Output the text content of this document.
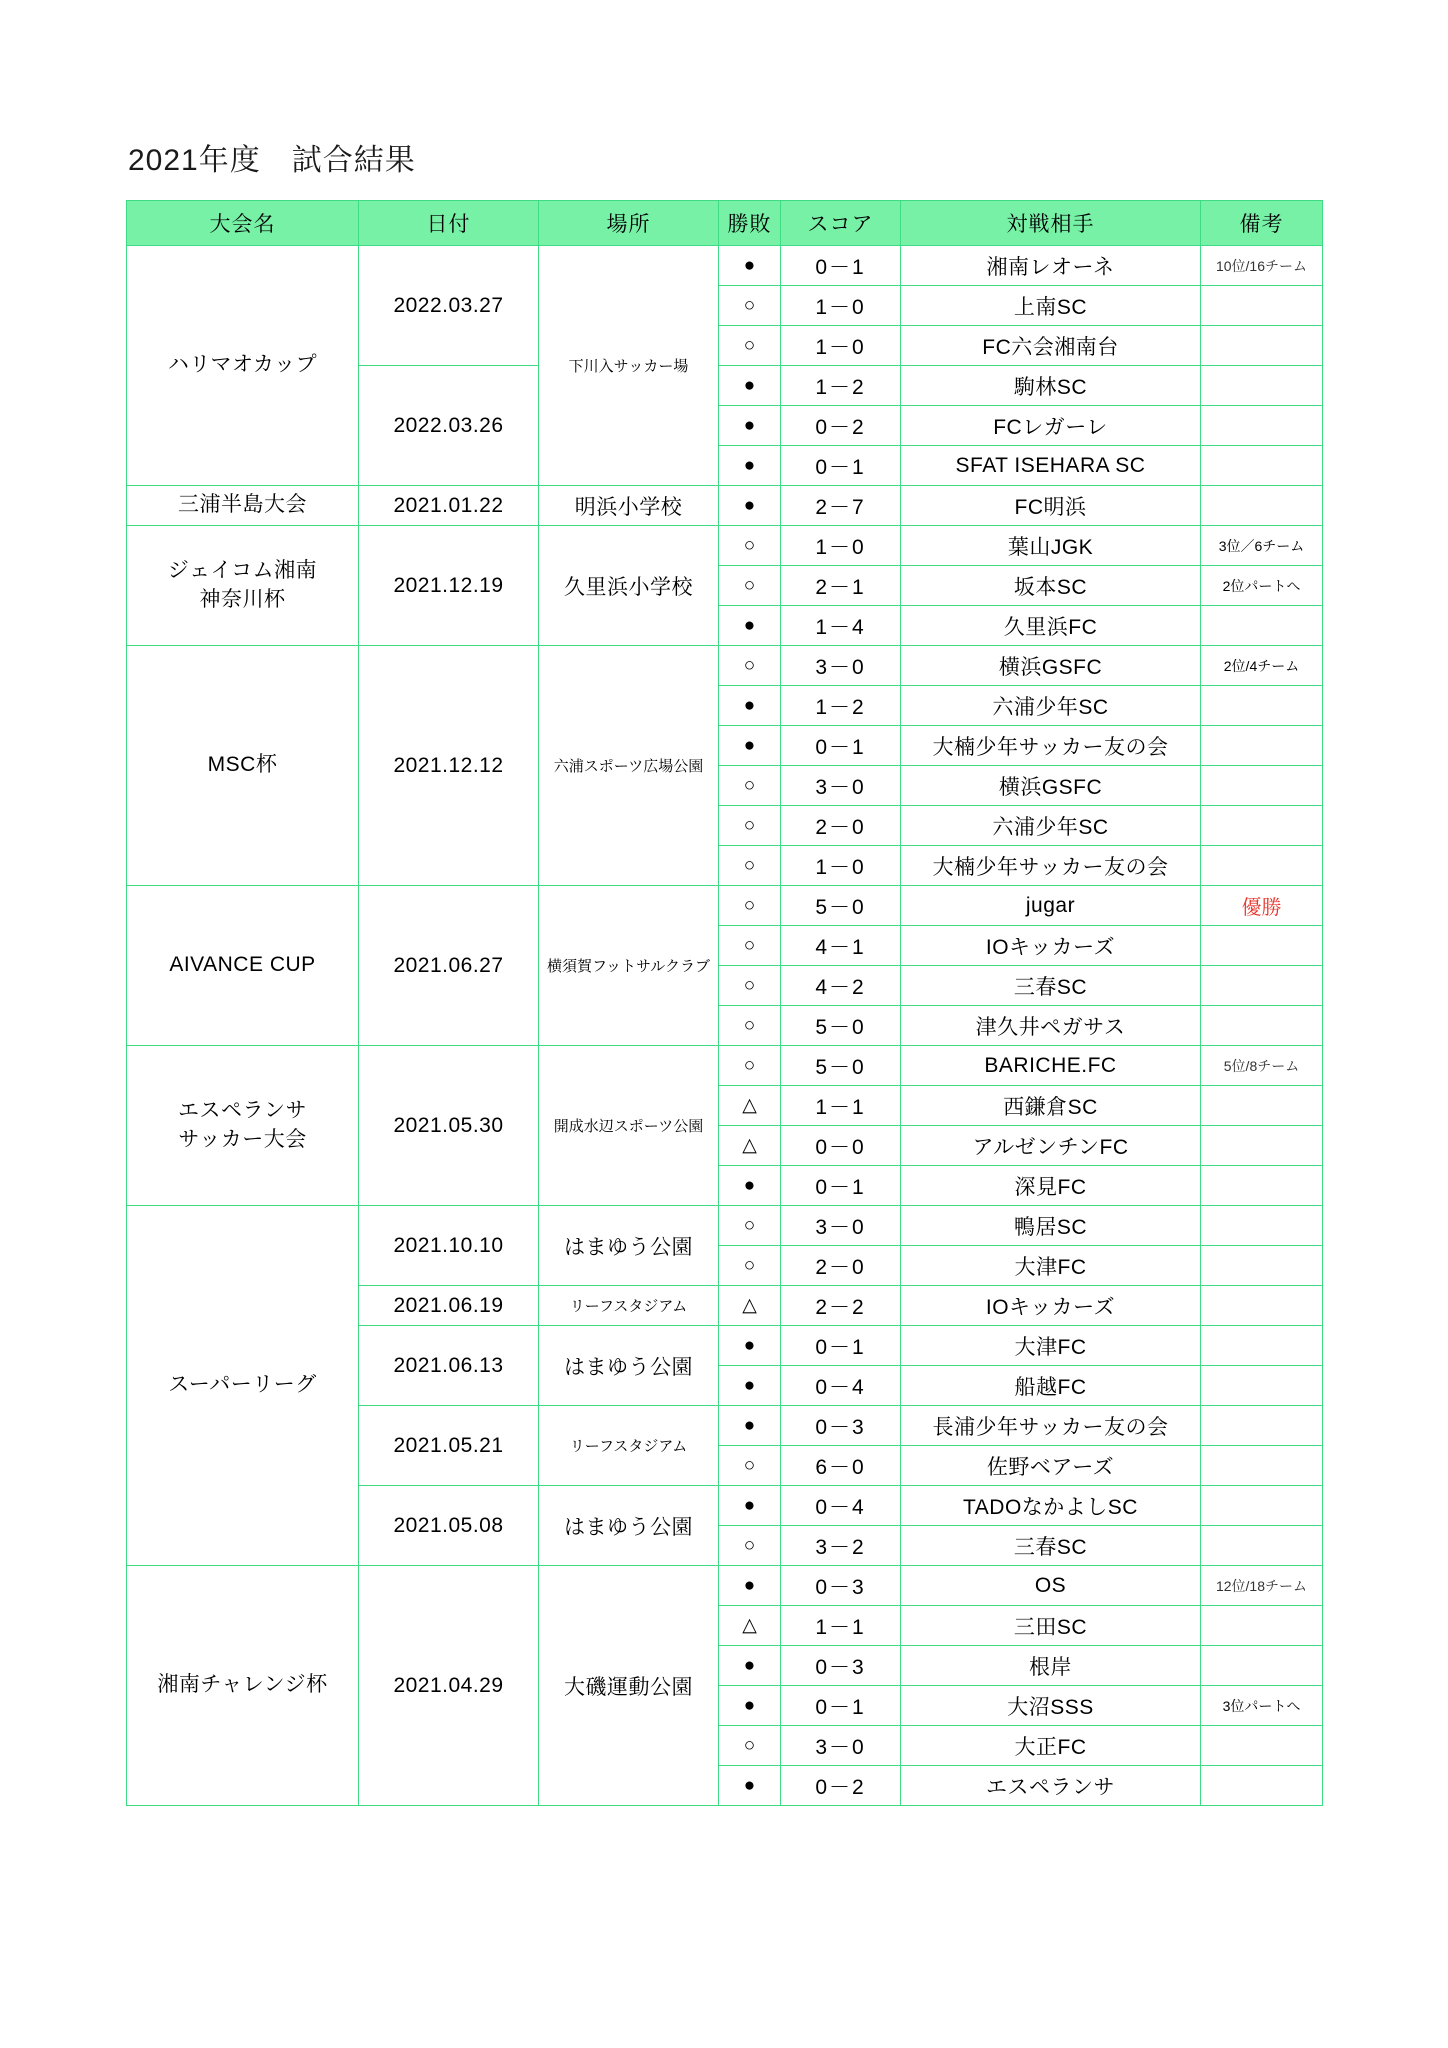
2021年度　試合結果
大会名	日付	場所	勝敗	スコア	対戦相手	備考
ハリマオカップ	2022.03.27	下川入サッカー場	●	0－1	湘南レオーネ	10位/16チーム
			○	1－0	上南SC	
			○	1－0	FC六会湘南台	
	2022.03.26		●	1－2	駒林SC	
			●	0－2	FCレガーレ	
			●	0－1	SFAT ISEHARA SC	
三浦半島大会	2021.01.22	明浜小学校	●	2－7	FC明浜	
ジェイコム湘南
神奈川杯	2021.12.19	久里浜小学校	○	1－0	葉山JGK	3位／6チーム
			○	2－1	坂本SC	2位パートへ
			●	1－4	久里浜FC	
MSC杯	2021.12.12	六浦スポーツ広場公園	○	3－0	横浜GSFC	2位/4チーム
			●	1－2	六浦少年SC	
			●	0－1	大楠少年サッカー友の会	
			○	3－0	横浜GSFC	
			○	2－0	六浦少年SC	
			○	1－0	大楠少年サッカー友の会	
AIVANCE CUP	2021.06.27	横須賀フットサルクラブ	○	5－0	jugar	優勝
			○	4－1	IOキッカーズ	
			○	4－2	三春SC	
			○	5－0	津久井ペガサス	
エスペランサ
サッカー大会	2021.05.30	開成水辺スポーツ公園	○	5－0	BARICHE.FC	5位/8チーム
			△	1－1	西鎌倉SC	
			△	0－0	アルゼンチンFC	
			●	0－1	深見FC	
スーパーリーグ	2021.10.10	はまゆう公園	○	3－0	鴨居SC	
			○	2－0	大津FC	
	2021.06.19	リーフスタジアム	△	2－2	IOキッカーズ	
	2021.06.13	はまゆう公園	●	0－1	大津FC	
			●	0－4	船越FC	
	2021.05.21	リーフスタジアム	●	0－3	長浦少年サッカー友の会	
			○	6－0	佐野ベアーズ	
	2021.05.08	はまゆう公園	●	0－4	TADOなかよしSC	
			○	3－2	三春SC	
湘南チャレンジ杯	2021.04.29	大磯運動公園	●	0－3	OS	12位/18チーム
			△	1－1	三田SC	
			●	0－3	根岸	
			●	0－1	大沼SSS	3位パートへ
			○	3－0	大正FC	
			●	0－2	エスペランサ	
